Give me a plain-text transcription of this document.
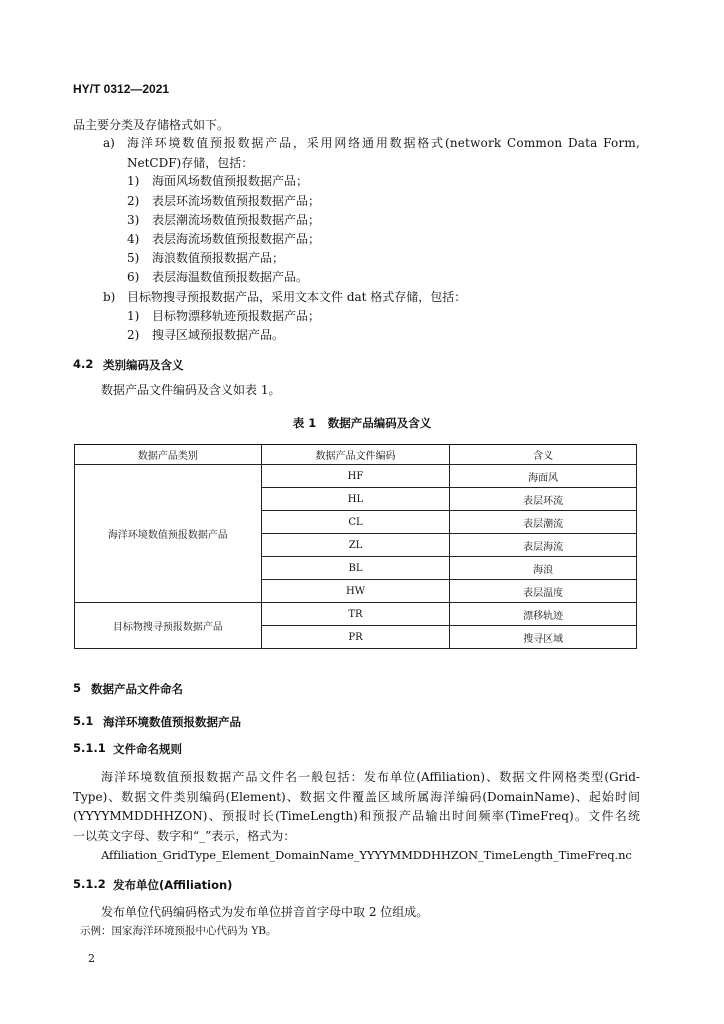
HY/T 0312—2021
品主要分类及存储格式如下。
a) 海洋环境数值预报数据产品，采用网络通用数据格式(network Common Data Form,
NetCDF)存储，包括：
1) 海面风场数值预报数据产品；
2) 表层环流场数值预报数据产品；
3) 表层潮流场数值预报数据产品；
4) 表层海流场数值预报数据产品；
5) 海浪数值预报数据产品；
6) 表层海温数值预报数据产品。
b) 目标物搜寻预报数据产品，采用文本文件 dat 格式存储，包括：
1) 目标物漂移轨迹预报数据产品；
2) 搜寻区域预报数据产品。
4.2 类别编码及含义
数据产品文件编码及含义如表 1。
表 1　数据产品编码及含义
数据产品类别	数据产品文件编码	含义
海洋环境数值预报数据产品	HF	海面风
	HL	表层环流
	CL	表层潮流
	ZL	表层海流
	BL	海浪
	HW	表层温度
目标物搜寻预报数据产品	TR	漂移轨迹
	PR	搜寻区域
5 数据产品文件命名
5.1 海洋环境数值预报数据产品
5.1.1 文件命名规则
海洋环境数值预报数据产品文件名一般包括：发布单位(Affiliation)、数据文件网格类型(Grid-
Type)、数据文件类别编码(Element)、数据文件覆盖区域所属海洋编码(DomainName)、起始时间
(YYYYMMDDHHZON)、预报时长(TimeLength)和预报产品输出时间频率(TimeFreq)。文件名统
一以英文字母、数字和“_”表示，格式为：
Affiliation_GridType_Element_DomainName_YYYYMMDDHHZON_TimeLength_TimeFreq.nc
5.1.2 发布单位(Affiliation)
发布单位代码编码格式为发布单位拼音首字母中取 2 位组成。
示例：国家海洋环境预报中心代码为 YB。
2
